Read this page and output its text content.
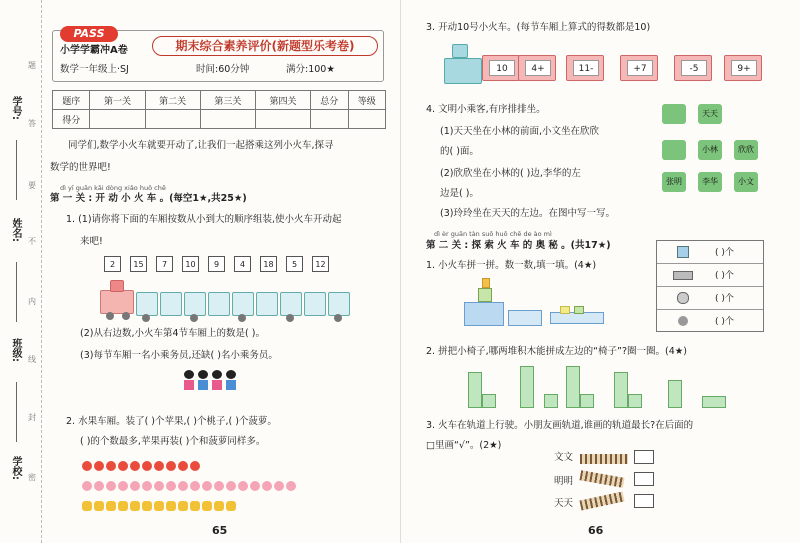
学号:
姓名:
班级:
学校:
题
答
要
不
内
线
封
密
PASS
小学学霸冲A卷	期末综合素养评价(新题型乐考卷)
数学一年级上·SJ	时间:60分钟	满分:100★
题序	第一关	第二关	第三关	第四关	总分	等级
得分						
同学们,数学小火车就要开动了,让我们一起搭乘这列小火车,探寻
数学的世界吧!
dì yī guān kāi dòng xiǎo huǒ chē
第 一 关 : 开 动 小 火 车 。(每空1★,共25★)
1. (1)请你将下面的车厢按数从小到大的顺序组装,使小火车开动起
来吧!
2	15	7	10	9	4	18	5	12
(2)从右边数,小火车第4节车厢上的数是( )。
(3)每节车厢一名小乘务员,还缺( )名小乘务员。
2. 水果车厢。装了( )个苹果,( )个桃子,( )个菠萝。
( )的个数最多,苹果再装( )个和菠萝同样多。
65
3. 开动10号小火车。(每节车厢上算式的得数都是10)
10	4+	11-	+7	-5	9+
4. 文明小乘客,有序排排坐。
(1)天天坐在小林的前面,小文坐在欣欣
的( )面。
(2)欣欣坐在小林的( )边,李华的左
边是( )。
(3)玲玲坐在天天的左边。在图中写一写。
天天
小林	欣欣
张明	李华	小文
dì èr guān tàn suǒ huǒ chē de ào mì
第 二 关 : 探 索 火 车 的 奥 秘 。(共17★)
1. 小火车拼一拼。数一数,填一填。(4★)
( )个
( )个
( )个
( )个
2. 拼把小椅子,哪两堆积木能拼成左边的“椅子”?圈一圈。(4★)
3. 火车在轨道上行驶。小朋友画轨道,谁画的轨道最长?在后面的
□里画“√”。(2★)
文文
明明
天天
66
